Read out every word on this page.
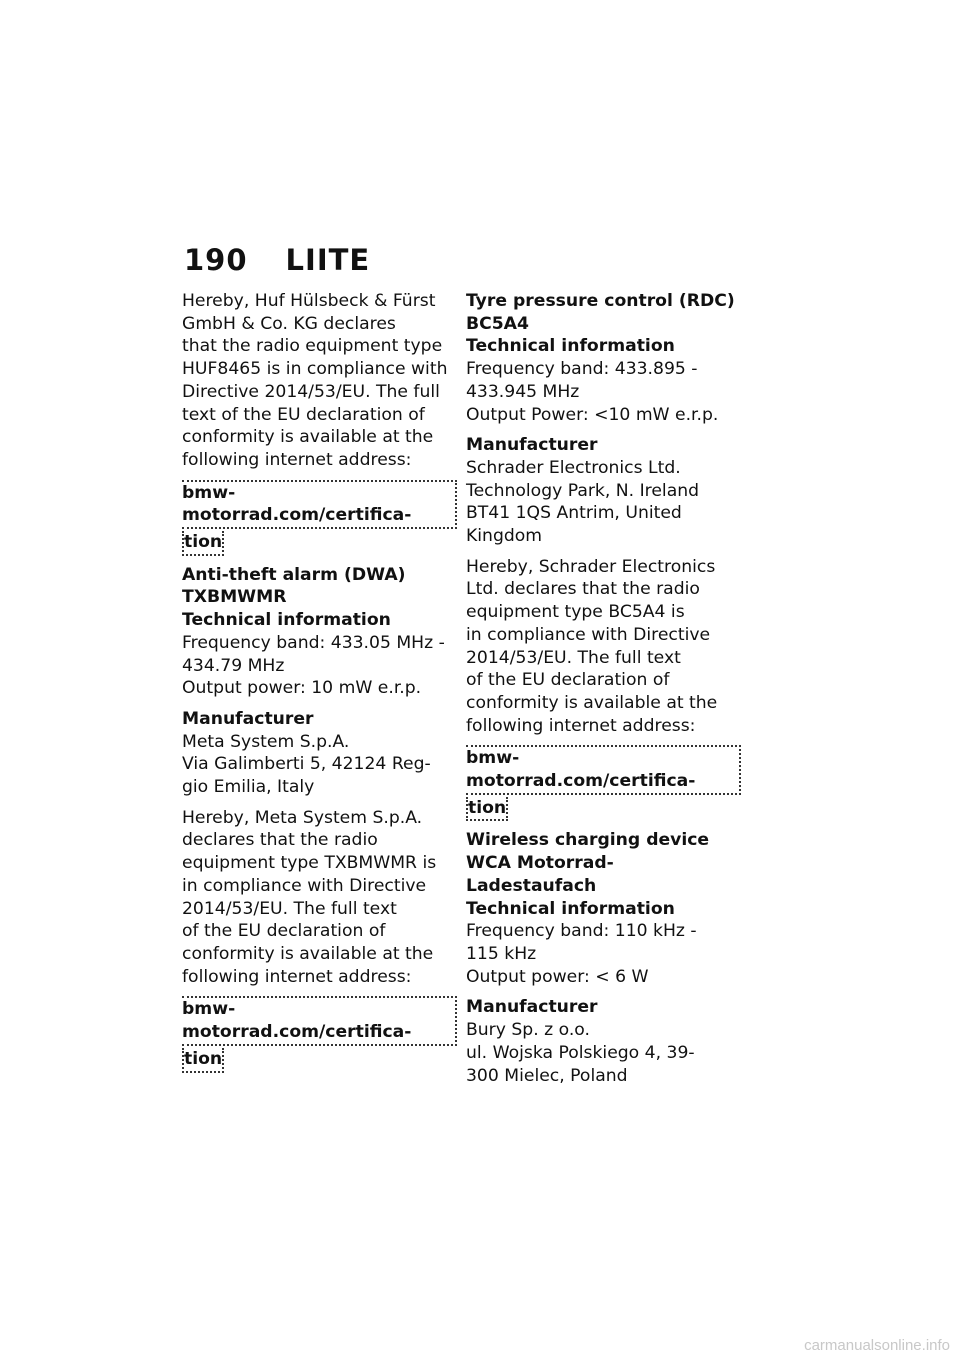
190 LIITE

Hereby, Huf Hülsbeck & Fürst
GmbH & Co. KG declares
that the radio equipment type
HUF8465 is in compliance with
Directive 2014/53/EU. The full
text of the EU declaration of
conformity is available at the
following internet address:

bmw-motorrad.com/certifica-
tion
Anti-theft alarm (DWA)
TXBMWMR
Technical information

Frequency band: 433.05 MHz -
434.79 MHz
Output power: 10 mW e.r.p.

Manufacturer

Meta System S.p.A.
Via Galimberti 5, 42124 Reg-
gio Emilia, Italy

Hereby, Meta System S.p.A.
declares that the radio
equipment type TXBMWMR is
in compliance with Directive
2014/53/EU. The full text
of the EU declaration of
conformity is available at the
following internet address:

bmw-motorrad.com/certifica-
tion
Tyre pressure control (RDC)
BC5A4
Technical information

Frequency band: 433.895 -
433.945 MHz
Output Power: <10 mW e.r.p.

Manufacturer

Schrader Electronics Ltd.
Technology Park, N. Ireland
BT41 1QS Antrim, United
Kingdom

Hereby, Schrader Electronics
Ltd. declares that the radio
equipment type BC5A4 is
in compliance with Directive
2014/53/EU. The full text
of the EU declaration of
conformity is available at the
following internet address:

bmw-motorrad.com/certifica-
tion
Wireless charging device
WCA Motorrad-Ladestaufach
Technical information

Frequency band: 110 kHz -
115 kHz
Output power: < 6 W

Manufacturer

Bury Sp. z o.o.
ul. Wojska Polskiego 4, 39-
300 Mielec, Poland

carmanualsonline.info
